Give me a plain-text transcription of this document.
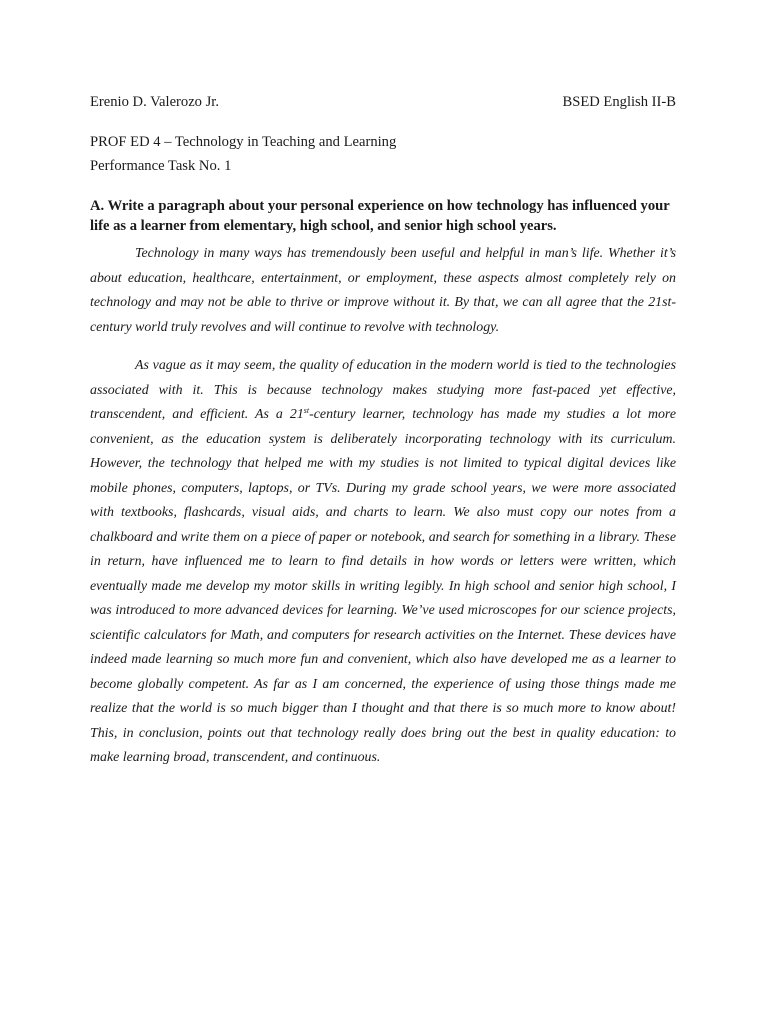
Erenio D. Valerozo Jr.	BSED English II-B
PROF ED 4 – Technology in Teaching and Learning
Performance Task No. 1
A. Write a paragraph about your personal experience on how technology has influenced your life as a learner from elementary, high school, and senior high school years.

Technology in many ways has tremendously been useful and helpful in man’s life. Whether it’s about education, healthcare, entertainment, or employment, these aspects almost completely rely on technology and may not be able to thrive or improve without it. By that, we can all agree that the 21st-century world truly revolves and will continue to revolve with technology.

As vague as it may seem, the quality of education in the modern world is tied to the technologies associated with it. This is because technology makes studying more fast-paced yet effective, transcendent, and efficient. As a 21st-century learner, technology has made my studies a lot more convenient, as the education system is deliberately incorporating technology with its curriculum. However, the technology that helped me with my studies is not limited to typical digital devices like mobile phones, computers, laptops, or TVs. During my grade school years, we were more associated with textbooks, flashcards, visual aids, and charts to learn. We also must copy our notes from a chalkboard and write them on a piece of paper or notebook, and search for something in a library. These in return, have influenced me to learn to find details in how words or letters were written, which eventually made me develop my motor skills in writing legibly. In high school and senior high school, I was introduced to more advanced devices for learning. We’ve used microscopes for our science projects, scientific calculators for Math, and computers for research activities on the Internet. These devices have indeed made learning so much more fun and convenient, which also have developed me as a learner to become globally competent. As far as I am concerned, the experience of using those things made me realize that the world is so much bigger than I thought and that there is so much more to know about! This, in conclusion, points out that technology really does bring out the best in quality education: to make learning broad, transcendent, and continuous.
